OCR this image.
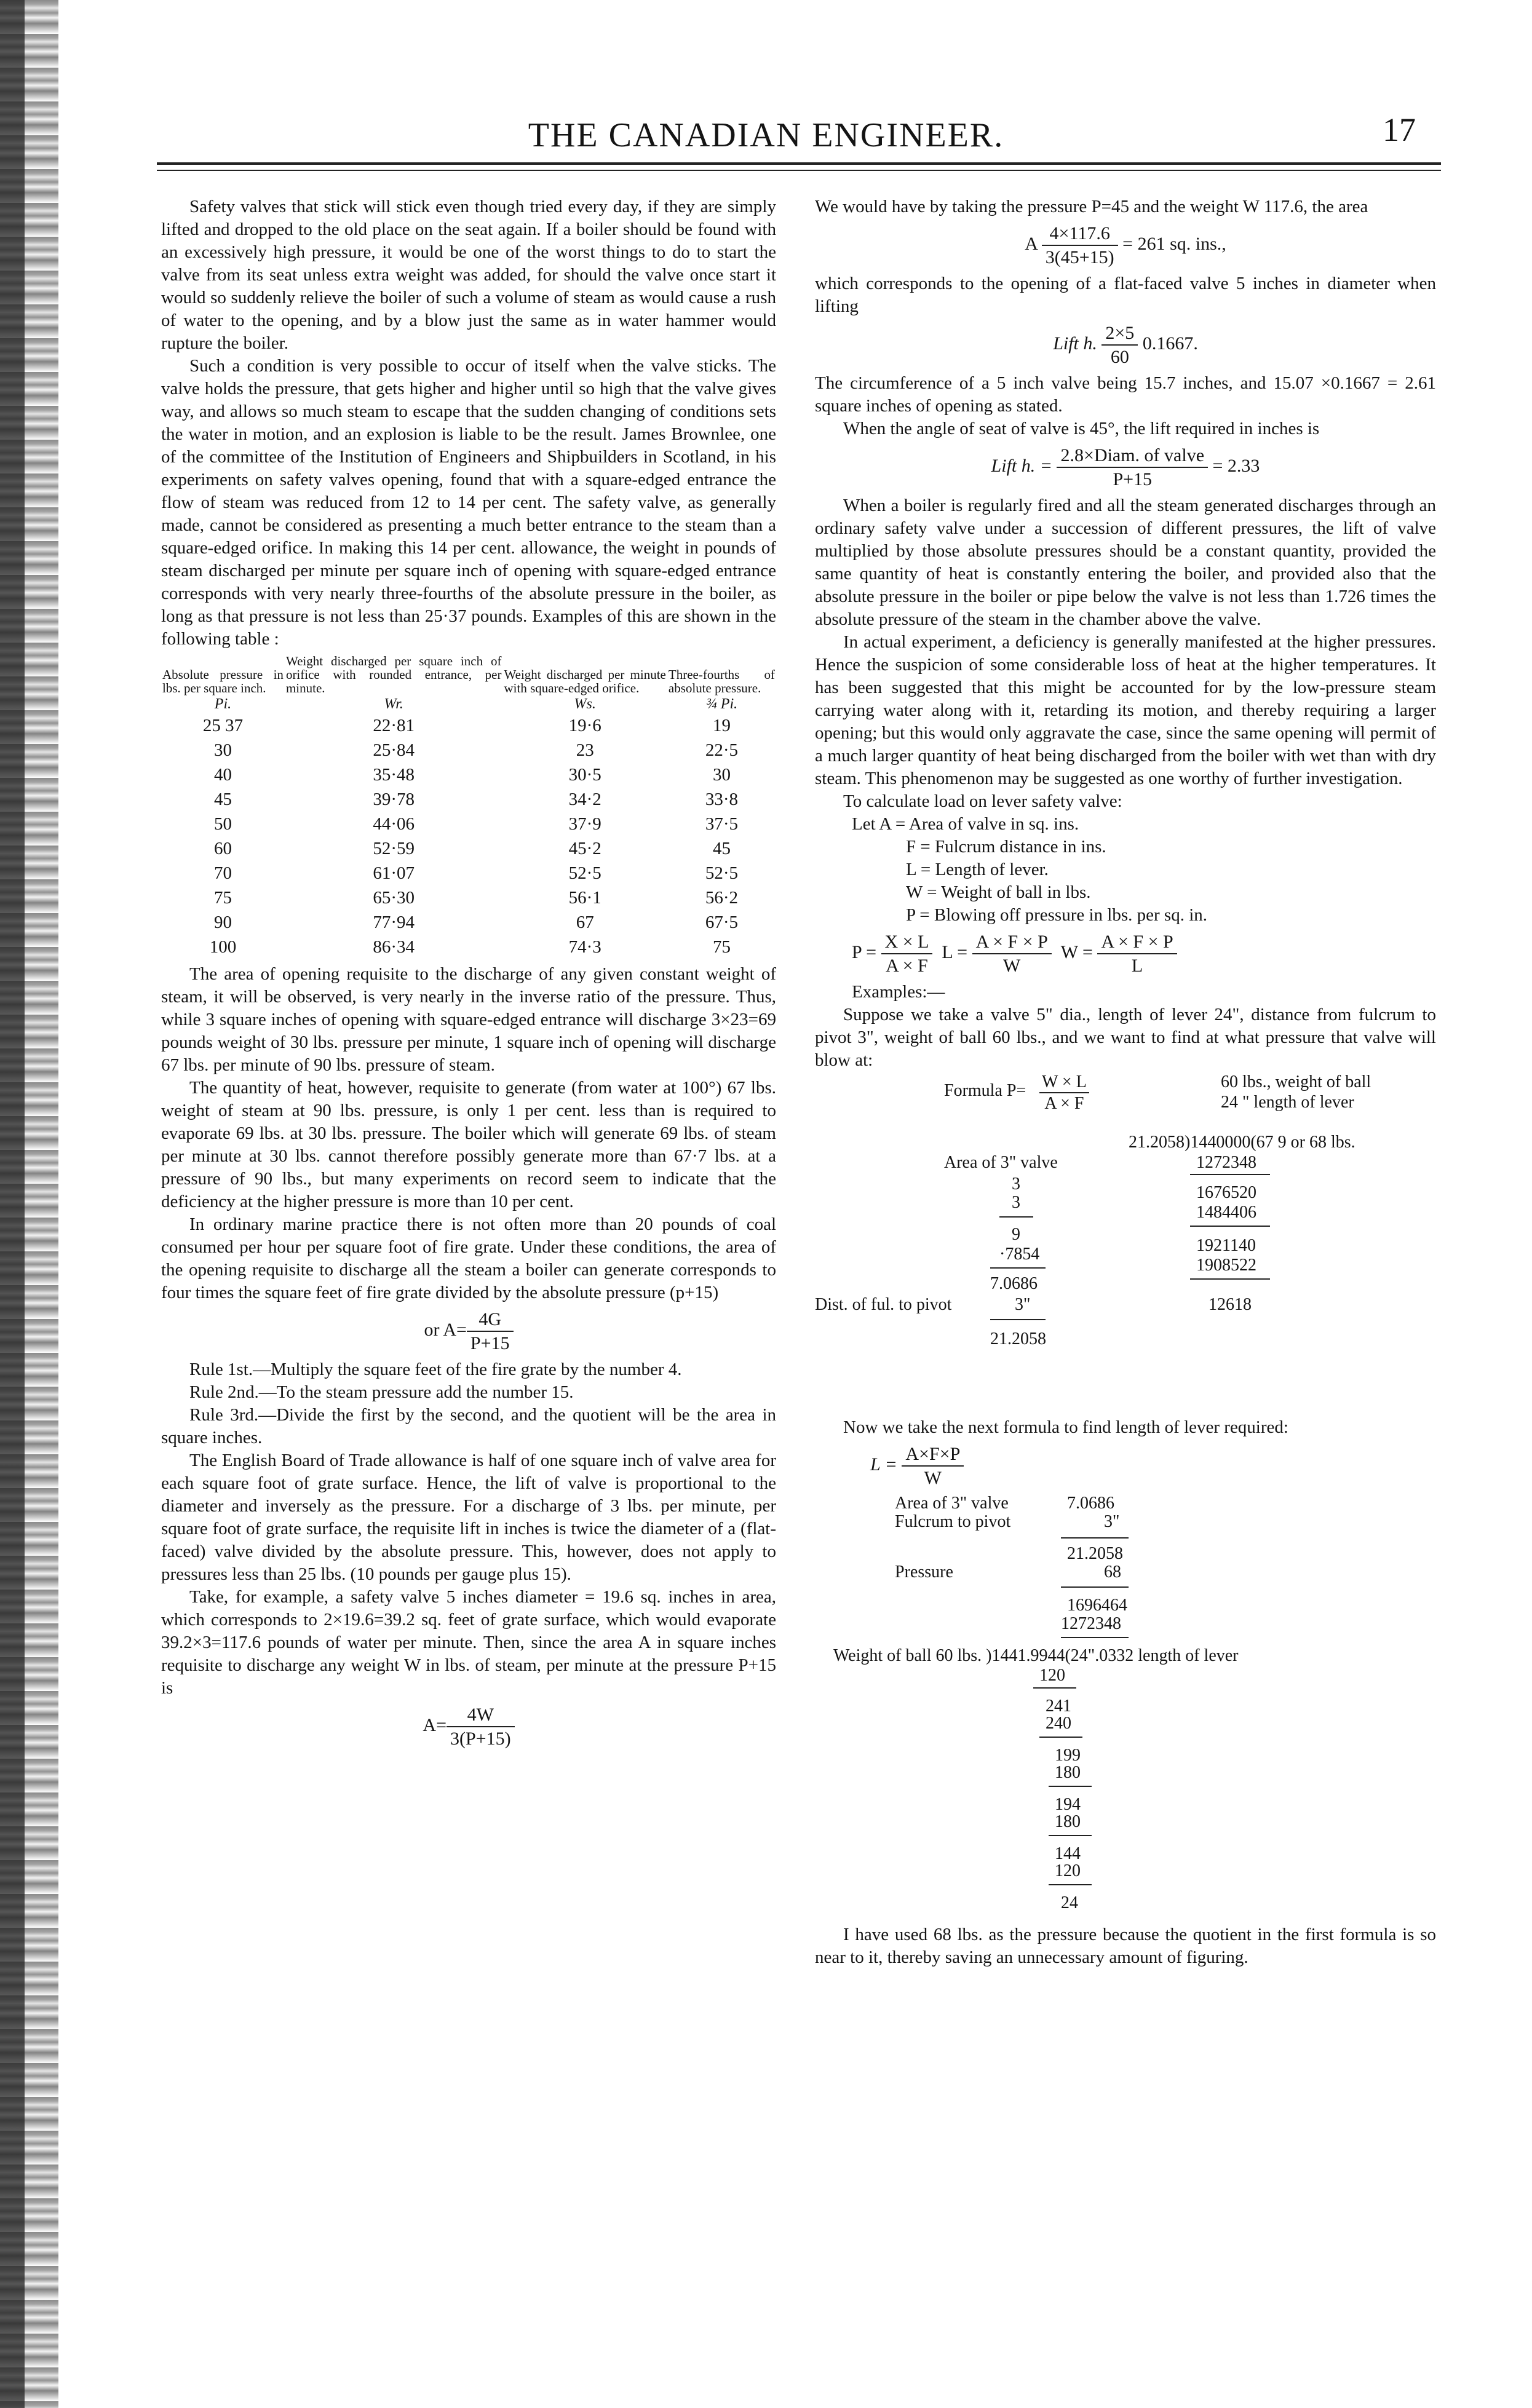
THE CANADIAN ENGINEER.	17

Safety valves that stick will stick even though tried every day, if they are simply lifted and dropped to the old place on the seat again. If a boiler should be found with an excessively high pressure, it would be one of the worst things to do to start the valve from its seat unless extra weight was added, for should the valve once start it would so suddenly relieve the boiler of such a volume of steam as would cause a rush of water to the opening, and by a blow just the same as in water hammer would rupture the boiler.

Such a condition is very possible to occur of itself when the valve sticks. The valve holds the pressure, that gets higher and higher until so high that the valve gives way, and allows so much steam to escape that the sudden changing of conditions sets the water in motion, and an explosion is liable to be the result. James Brownlee, one of the committee of the Institution of Engineers and Shipbuilders in Scotland, in his experiments on safety valves opening, found that with a square-edged entrance the flow of steam was reduced from 12 to 14 per cent. The safety valve, as generally made, cannot be considered as presenting a much better entrance to the steam than a square-edged orifice. In making this 14 per cent. allowance, the weight in pounds of steam discharged per minute per square inch of opening with square-edged entrance corresponds with very nearly three-fourths of the absolute pressure in the boiler, as long as that pressure is not less than 25·37 pounds. Examples of this are shown in the following table :

Absolute pressure in lbs. per square inch.	Weight discharged per square inch of orifice with rounded entrance, per minute.	Weight discharged per minute with square-edged orifice.	Three-fourths of absolute pressure.
Pi.	Wr.	Ws.	¾ Pi.
25 37	22·81	19·6	19
30	25·84	23	22·5
40	35·48	30·5	30
45	39·78	34·2	33·8
50	44·06	37·9	37·5
60	52·59	45·2	45
70	61·07	52·5	52·5
75	65·30	56·1	56·2
90	77·94	67	67·5
100	86·34	74·3	75

The area of opening requisite to the discharge of any given constant weight of steam, it will be observed, is very nearly in the inverse ratio of the pressure. Thus, while 3 square inches of opening with square-edged entrance will discharge 3×23=69 pounds weight of 30 lbs. pressure per minute, 1 square inch of opening will discharge 67 lbs. per minute of 90 lbs. pressure of steam.

The quantity of heat, however, requisite to generate (from water at 100°) 67 lbs. weight of steam at 90 lbs. pressure, is only 1 per cent. less than is required to evaporate 69 lbs. at 30 lbs. pressure. The boiler which will generate 69 lbs. of steam per minute at 30 lbs. cannot therefore possibly generate more than 67·7 lbs. at a pressure of 90 lbs., but many experiments on record seem to indicate that the deficiency at the higher pressure is more than 10 per cent.

In ordinary marine practice there is not often more than 20 pounds of coal consumed per hour per square foot of fire grate. Under these conditions, the area of the opening requisite to discharge all the steam a boiler can generate corresponds to four times the square feet of fire grate divided by the absolute pressure (p+15)

or $A= \frac{4G}{P+15}$

Rule 1st.—Multiply the square feet of the fire grate by the number 4.

Rule 2nd.—To the steam pressure add the number 15.

Rule 3rd.—Divide the first by the second, and the quotient will be the area in square inches.

The English Board of Trade allowance is half of one square inch of valve area for each square foot of grate surface. Hence, the lift of valve is proportional to the diameter and inversely as the pressure. For a discharge of 3 lbs. per minute, per square foot of grate surface, the requisite lift in inches is twice the diameter of a (flat-faced) valve divided by the absolute pressure. This, however, does not apply to pressures less than 25 lbs. (10 pounds per gauge plus 15).

Take, for example, a safety valve 5 inches diameter = 19.6 sq. inches in area, which corresponds to 2×19.6=39.2 sq. feet of grate surface, which would evaporate 39.2×3=117.6 pounds of water per minute. Then, since the area A in square inches requisite to discharge any weight W in lbs. of steam, per minute at the pressure P+15 is

$A= \frac{4W}{3(P+15)}$

We would have by taking the pressure P=45 and the weight W 117.6, the area

A $\frac{4\times 117.6}{3(45+15)} = 261$ sq. ins.,

which corresponds to the opening of a flat-faced valve 5 inches in diameter when lifting

Lift h. $\frac{2\times 5}{60} 0.1667$.

The circumference of a 5 inch valve being 15.7 inches, and 15.07 ×0.1667 = 2.61 square inches of opening as stated.

When the angle of seat of valve is 45°, the lift required in inches is

Lift h. = $\frac{\text{2.8×Diam. of valve}}{P+15} = 2.33$

When a boiler is regularly fired and all the steam generated discharges through an ordinary safety valve under a succession of different pressures, the lift of valve multiplied by those absolute pressures should be a constant quantity, provided the same quantity of heat is constantly entering the boiler, and provided also that the absolute pressure in the boiler or pipe below the valve is not less than 1.726 times the absolute pressure of the steam in the chamber above the valve.

In actual experiment, a deficiency is generally manifested at the higher pressures. Hence the suspicion of some considerable loss of heat at the higher temperatures. It has been suggested that this might be accounted for by the low-pressure steam carrying water along with it, retarding its motion, and thereby requiring a larger opening; but this would only aggravate the case, since the same opening will permit of a much larger quantity of heat being discharged from the boiler with wet than with dry steam. This phenomenon may be suggested as one worthy of further investigation.

To calculate load on lever safety valve:

Let A = Area of valve in sq. ins.
F = Fulcrum distance in ins.
L = Length of lever.
W = Weight of ball in lbs.
P = Blowing off pressure in lbs. per sq. in.
$P = \frac{X \times L}{A \times F}$ $L = \frac{A \times F \times P}{W}$ $W = \frac{A \times F \times P}{L}$
Examples:—

Suppose we take a valve 5" dia., length of lever 24", distance from fulcrum to pivot 3", weight of ball 60 lbs., and we want to find at what pressure that valve will blow at:

Formula $P= \frac{W \times L}{A \times F}$	60 lbs., weight of ball
24 " length of lever
21.2058)1440000(67 9 or 68 lbs.
Area of 3" valve
3
3
9
·7854
7.0686
Dist. of ful. to pivot	3"
21.2058
1272348
1676520
1484406
1921140
1908522
12618

Now we take the next formula to find length of lever required:

$L = \frac{A\times F\times P}{W}$
Area of 3" valve	7.0686
Fulcrum to pivot	3"
21.2058
Pressure	68
1696464
1272348
Weight of ball 60 lbs. )1441.9944(24".0332 length of lever
120
241
240
199
180
194
180
144
120
24

I have used 68 lbs. as the pressure because the quotient in the first formula is so near to it, thereby saving an unnecessary amount of figuring.
